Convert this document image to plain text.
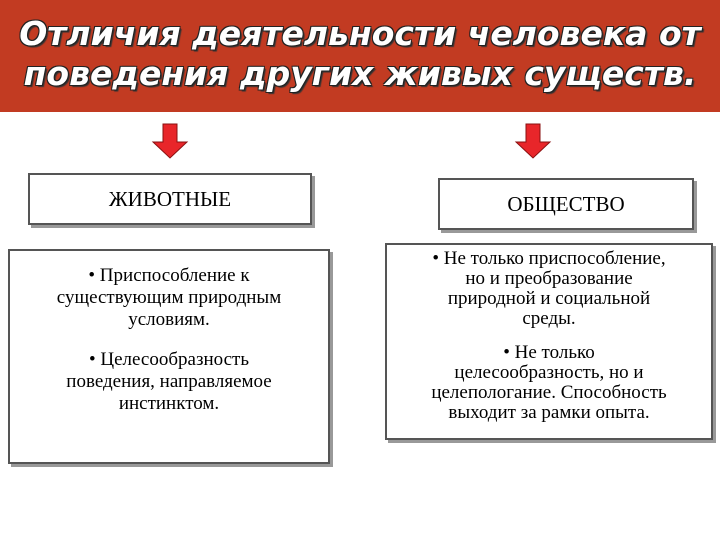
Отличия деятельности человека от
поведения других живых существ.
ЖИВОТНЫЕ	ОБЩЕСТВО
• Приспособление к
существующим природным
условиям.
• Целесообразность
поведения, направляемое
инстинктом.
• Не только приспособление,
но и преобразование
природной и социальной
среды.
• Не только
целесообразность, но и
целепологание. Способность
выходит за рамки опыта.
